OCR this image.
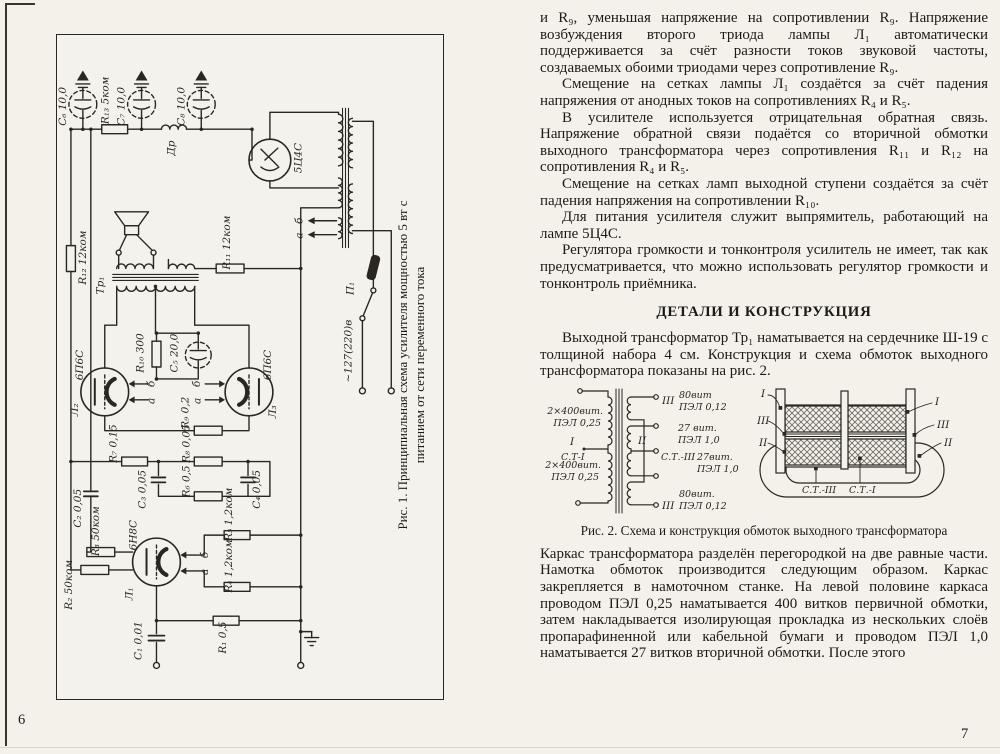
C₆ 10,0	R₁₃ 5ком C₇ 10,0
Др
C₈ 10,0
5Ц4С
б
а
П₁
~127(220)в
R₁₁ 12ком
R₁₂ 12ком
Тр₁
R₁₀ 300 C₅ 20,0
6П6С
Л₂
6П6С
Л₃
б
а
б
а
R₉ 0,2
R₇ 0,15	R₈ 0,05
R₆ 0,5
C₂ 0,05	C₃ 0,05	C₄ 0,05
R₃ 50ком
R₂ 50ком
6Н8С
Л₁
б
а
R₅ 1,2ком
R₄ 1,2ком
C₁ 0,01	R₁ 0,5
Рис. 1. Принципиальная схема усилителя мощностью 5 вт с питанием от сети переменного тока
6

и R₉, уменьшая напряжение на сопротивлении R₉. Напряжение возбуждения второго триода лампы Л₁ автоматически поддерживается за счёт разности токов звуковой частоты, создаваемых обоими триодами через сопротивление R₉.

Смещение на сетках лампы Л₁ создаётся за счёт падения напряжения от анодных токов на сопротивлениях R₄ и R₅.

В усилителе используется отрицательная обратная связь. Напряжение обратной связи подаётся со вторичной обмотки выходного трансформатора через сопротивления R₁₁ и R₁₂ на сопротивления R₄ и R₅.

Смещение на сетках ламп выходной ступени создаётся за счёт падения напряжения на сопротивлении R₁₀.

Для питания усилителя служит выпрямитель, работающий на лампе 5Ц4С.

Регулятора громкости и тонконтроля усилитель не имеет, так как предусматривается, что можно использовать регулятор громкости и тонконтроль приёмника.

ДЕТАЛИ И КОНСТРУКЦИЯ

Выходной трансформатор Тр₁ наматывается на сердечнике Ш-19 с толщиной набора 4 см. Конструкция и схема обмоток выходного трансформатора показаны на рис. 2.

2×400вит.
ПЭЛ 0,25
I
С.Т-I
2×400вит.
ПЭЛ 0,25
III 80вит
ПЭЛ 0,12
27 вит.
ПЭЛ 1,0
II
С.Т.-III 27вит.
ПЭЛ 1,0
III
80вит.
ПЭЛ 0,12
I
III
II
I
III
II
С.Т.-III С.Т.-I

Рис. 2. Схема и конструкция обмоток выходного трансформатора

Каркас трансформатора разделён перегородкой на две равные части. Намотка обмоток производится следующим образом. Каркас закрепляется в намоточном станке. На левой половине каркаса проводом ПЭЛ 0,25 наматывается 400 витков первичной обмотки, затем накладывается изолирующая прокладка из нескольких слоёв пропарафиненной или кабельной бумаги и проводом ПЭЛ 1,0 наматывается 27 витков вторичной обмотки. После этого

7
